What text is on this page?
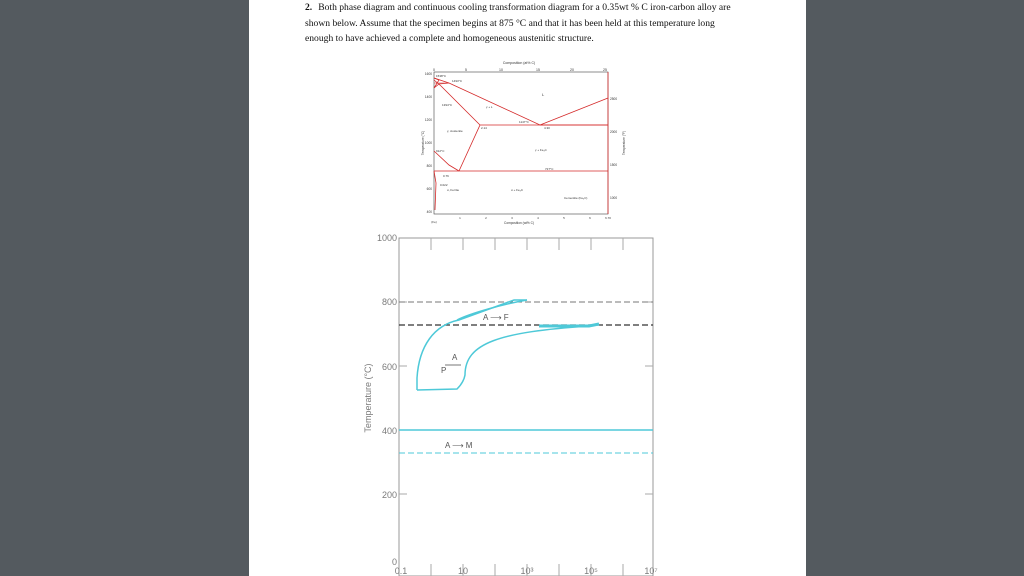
2. Both phase diagram and continuous cooling transformation diagram for a 0.35wt % C iron-carbon alloy are shown below. Assume that the specimen begins at 875 °C and that it has been held at this temperature long enough to have achieved a complete and homogeneous austenitic structure.
Composition (at% C)
0	5	10	15	20	25
1600
1400
1200
1000
800
600
400
Temperature (°C)
2500
2000
1500
1000
Temperature (°F)
1538°C
1493°C
L
1394°C	γ + L
1147°C
2.14	4.30
γ, Austenite
912°C	γ + Fe₃C
727°C
0.76
0.022
α, Ferrite	α + Fe₃C
Cementite (Fe₃C)
(Fe)
1	2	3	4	5	6	6.70
Composition (wt% C)
1000
800
600
400
200
0
Temperature (°C)
A ⟶ F
A
P
A ⟶ M
0.1	10	10³	10⁵	10⁷
